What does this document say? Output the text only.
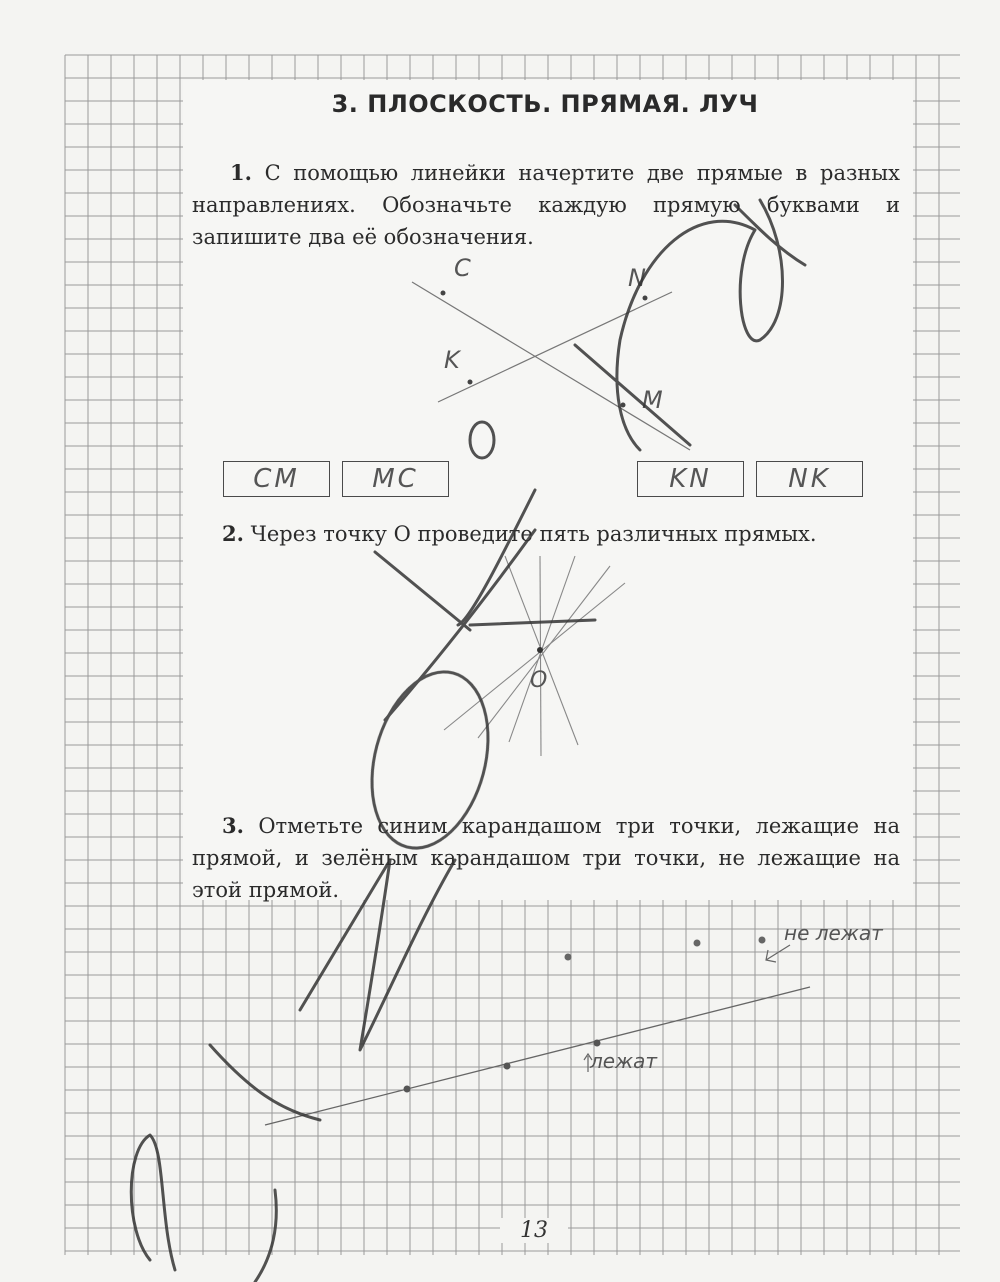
3. ПЛОСКОСТЬ. ПРЯМАЯ. ЛУЧ
1. С помощью линейки начертите две прямые в разных направлениях. Обозначьте каждую прямую буквами и запишите два её обозначения.
CM	MC	KN	NK
2. Через точку O проведите пять различных прямых.
3. Отметьте синим карандашом три точки, лежащие на прямой, и зелёным карандашом три точки, не лежащие на этой прямой.
C
K
N
M
O
лежат
не лежат
13
